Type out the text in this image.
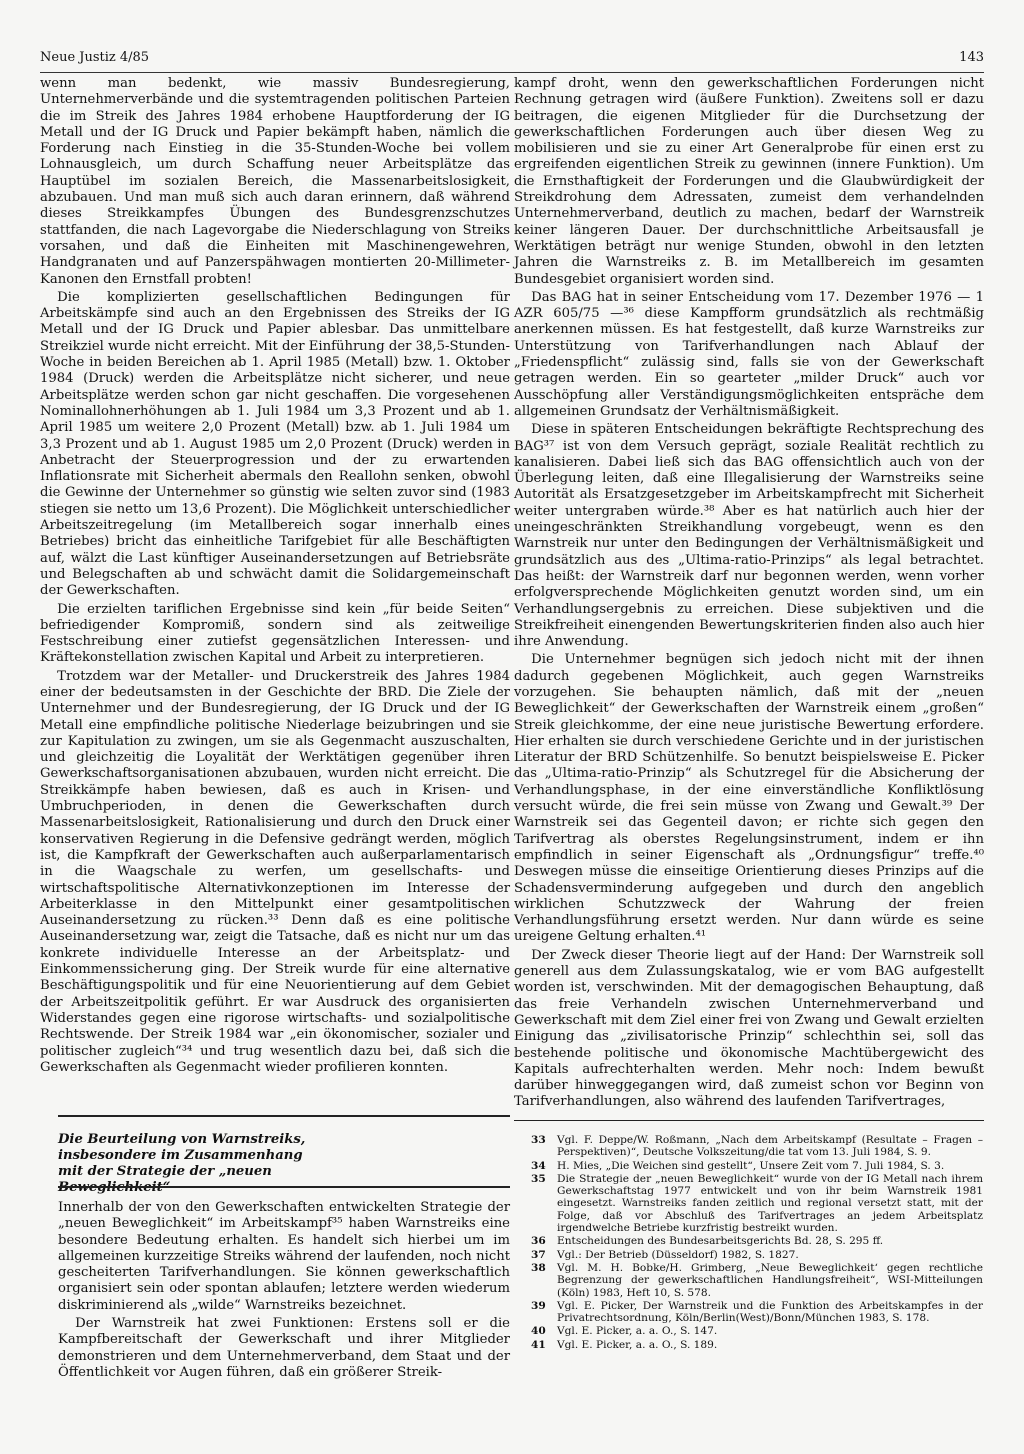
Neue Justiz 4/85	143

wenn man bedenkt, wie massiv Bundesregierung, Unternehmerverbände und die systemtragenden politischen Parteien die im Streik des Jahres 1984 erhobene Hauptforderung der IG Metall und der IG Druck und Papier bekämpft haben, nämlich die Forderung nach Einstieg in die 35-Stunden-Woche bei vollem Lohnausgleich, um durch Schaffung neuer Arbeitsplätze das Hauptübel im sozialen Bereich, die Massenarbeitslosigkeit, abzubauen. Und man muß sich auch daran erinnern, daß während dieses Streikkampfes Übungen des Bundesgrenzschutzes stattfanden, die nach Lagevorgabe die Niederschlagung von Streiks vorsahen, und daß die Einheiten mit Maschinengewehren, Handgranaten und auf Panzerspähwagen montierten 20-Millimeter-Kanonen den Ernstfall probten!

Die komplizierten gesellschaftlichen Bedingungen für Arbeitskämpfe sind auch an den Ergebnissen des Streiks der IG Metall und der IG Druck und Papier ablesbar. Das unmittelbare Streikziel wurde nicht erreicht. Mit der Einführung der 38,5-Stunden-Woche in beiden Bereichen ab 1. April 1985 (Metall) bzw. 1. Oktober 1984 (Druck) werden die Arbeitsplätze nicht sicherer, und neue Arbeitsplätze werden schon gar nicht geschaffen. Die vorgesehenen Nominallohnerhöhungen ab 1. Juli 1984 um 3,3 Prozent und ab 1. April 1985 um weitere 2,0 Prozent (Metall) bzw. ab 1. Juli 1984 um 3,3 Prozent und ab 1. August 1985 um 2,0 Prozent (Druck) werden in Anbetracht der Steuerprogression und der zu erwartenden Inflationsrate mit Sicherheit abermals den Reallohn senken, obwohl die Gewinne der Unternehmer so günstig wie selten zuvor sind (1983 stiegen sie netto um 13,6 Prozent). Die Möglichkeit unterschiedlicher Arbeitszeitregelung (im Metallbereich sogar innerhalb eines Betriebes) bricht das einheitliche Tarifgebiet für alle Beschäftigten auf, wälzt die Last künftiger Auseinandersetzungen auf Betriebsräte und Belegschaften ab und schwächt damit die Solidargemeinschaft der Gewerkschaften.

Die erzielten tariflichen Ergebnisse sind kein „für beide Seiten“ befriedigender Kompromiß, sondern sind als zeitweilige Festschreibung einer zutiefst gegensätzlichen Interessen- und Kräftekonstellation zwischen Kapital und Arbeit zu interpretieren.

Trotzdem war der Metaller- und Druckerstreik des Jahres 1984 einer der bedeutsamsten in der Geschichte der BRD. Die Ziele der Unternehmer und der Bundesregierung, der IG Druck und der IG Metall eine empfindliche politische Niederlage beizubringen und sie zur Kapitulation zu zwingen, um sie als Gegenmacht auszuschalten, und gleichzeitig die Loyalität der Werktätigen gegenüber ihren Gewerkschaftsorganisationen abzubauen, wurden nicht erreicht. Die Streikkämpfe haben bewiesen, daß es auch in Krisen- und Umbruchperioden, in denen die Gewerkschaften durch Massenarbeitslosigkeit, Rationalisierung und durch den Druck einer konservativen Regierung in die Defensive gedrängt werden, möglich ist, die Kampfkraft der Gewerkschaften auch außerparlamentarisch in die Waagschale zu werfen, um gesellschafts- und wirtschaftspolitische Alternativkonzeptionen im Interesse der Arbeiterklasse in den Mittelpunkt einer gesamtpolitischen Auseinandersetzung zu rücken.³³ Denn daß es eine politische Auseinandersetzung war, zeigt die Tatsache, daß es nicht nur um das konkrete individuelle Interesse an der Arbeitsplatz- und Einkommenssicherung ging. Der Streik wurde für eine alternative Beschäftigungspolitik und für eine Neuorientierung auf dem Gebiet der Arbeitszeitpolitik geführt. Er war Ausdruck des organisierten Widerstandes gegen eine rigorose wirtschafts- und sozialpolitische Rechtswende. Der Streik 1984 war „ein ökonomischer, sozialer und politischer zugleich“³⁴ und trug wesentlich dazu bei, daß sich die Gewerkschaften als Gegenmacht wieder profilieren konnten.

Die Beurteilung von Warnstreiks,
insbesondere im Zusammenhang
mit der Strategie der „neuen

Innerhalb der von den Gewerkschaften entwickelten Strategie der „neuen Beweglichkeit“ im Arbeitskampf³⁵ haben Warnstreiks eine besondere Bedeutung erhalten. Es handelt sich hierbei um im allgemeinen kurzzeitige Streiks während der laufenden, noch nicht gescheiterten Tarifverhandlungen. Sie können gewerkschaftlich organisiert sein oder spontan ablaufen; letztere werden wiederum diskriminierend als „wilde“ Warnstreiks bezeichnet.

Der Warnstreik hat zwei Funktionen: Erstens soll er die Kampfbereitschaft der Gewerkschaft und ihrer Mitglieder demonstrieren und dem Unternehmerverband, dem Staat und der Öffentlichkeit vor Augen führen, daß ein größerer Streik-

kampf droht, wenn den gewerkschaftlichen Forderungen nicht Rechnung getragen wird (äußere Funktion). Zweitens soll er dazu beitragen, die eigenen Mitglieder für die Durchsetzung der gewerkschaftlichen Forderungen auch über diesen Weg zu mobilisieren und sie zu einer Art Generalprobe für einen erst zu ergreifenden eigentlichen Streik zu gewinnen (innere Funktion). Um die Ernsthaftigkeit der Forderungen und die Glaubwürdigkeit der Streikdrohung dem Adressaten, zumeist dem verhandelnden Unternehmerverband, deutlich zu machen, bedarf der Warnstreik keiner längeren Dauer. Der durchschnittliche Arbeitsausfall je Werktätigen beträgt nur wenige Stunden, obwohl in den letzten Jahren die Warnstreiks z. B. im Metallbereich im gesamten Bundesgebiet organisiert worden sind.

Das BAG hat in seiner Entscheidung vom 17. Dezember 1976 — 1 AZR 605/75 —³⁶ diese Kampfform grundsätzlich als rechtmäßig anerkennen müssen. Es hat festgestellt, daß kurze Warnstreiks zur Unterstützung von Tarifverhandlungen nach Ablauf der „Friedenspflicht“ zulässig sind, falls sie von der Gewerkschaft getragen werden. Ein so gearteter „milder Druck“ auch vor Ausschöpfung aller Verständigungsmöglichkeiten entspräche dem allgemeinen Grundsatz der Verhältnismäßigkeit.

Diese in späteren Entscheidungen bekräftigte Rechtsprechung des BAG³⁷ ist von dem Versuch geprägt, soziale Realität rechtlich zu kanalisieren. Dabei ließ sich das BAG offensichtlich auch von der Überlegung leiten, daß eine Illegalisierung der Warnstreiks seine Autorität als Ersatzgesetzgeber im Arbeitskampfrecht mit Sicherheit weiter untergraben würde.³⁸ Aber es hat natürlich auch hier der uneingeschränkten Streikhandlung vorgebeugt, wenn es den Warnstreik nur unter den Bedingungen der Verhältnismäßigkeit und grundsätzlich aus des „Ultima-ratio-Prinzips“ als legal betrachtet. Das heißt: der Warnstreik darf nur begonnen werden, wenn vorher erfolgversprechende Möglichkeiten genutzt worden sind, um ein Verhandlungsergebnis zu erreichen. Diese subjektiven und die Streikfreiheit einengenden Bewertungskriterien finden also auch hier ihre Anwendung.

Die Unternehmer begnügen sich jedoch nicht mit der ihnen dadurch gegebenen Möglichkeit, auch gegen Warnstreiks vorzugehen. Sie behaupten nämlich, daß mit der „neuen Beweglichkeit“ der Gewerkschaften der Warnstreik einem „großen“ Streik gleichkomme, der eine neue juristische Bewertung erfordere. Hier erhalten sie durch verschiedene Gerichte und in der juristischen Literatur der BRD Schützenhilfe. So benutzt beispielsweise E. Picker das „Ultima-ratio-Prinzip“ als Schutzregel für die Absicherung der Verhandlungsphase, in der eine einverständliche Konfliktlösung versucht würde, die frei sein müsse von Zwang und Gewalt.³⁹ Der Warnstreik sei das Gegenteil davon; er richte sich gegen den Tarifvertrag als oberstes Regelungsinstrument, indem er ihn empfindlich in seiner Eigenschaft als „Ordnungsfigur“ treffe.⁴⁰ Deswegen müsse die einseitige Orientierung dieses Prinzips auf die Schadensverminderung aufgegeben und durch den angeblich wirklichen Schutzzweck der Wahrung der freien Verhandlungsführung ersetzt werden. Nur dann würde es seine ureigene Geltung erhalten.⁴¹

Der Zweck dieser Theorie liegt auf der Hand: Der Warnstreik soll generell aus dem Zulassungskatalog, wie er vom BAG aufgestellt worden ist, verschwinden. Mit der demagogischen Behauptung, daß das freie Verhandeln zwischen Unternehmerverband und Gewerkschaft mit dem Ziel einer frei von Zwang und Gewalt erzielten Einigung das „zivilisatorische Prinzip“ schlechthin sei, soll das bestehende politische und ökonomische Machtübergewicht des Kapitals aufrechterhalten werden. Mehr noch: Indem bewußt darüber hinweggegangen wird, daß zumeist schon vor Beginn von Tarifverhandlungen, also während des laufenden Tarifvertrages,

33 Vgl. F. Deppe/W. Roßmann, „Nach dem Arbeitskampf (Resultate – Fragen – Perspektiven)“, Deutsche Volkszeitung/die tat vom 13. Juli 1984, S. 9.
34 H. Mies, „Die Weichen sind gestellt“, Unsere Zeit vom 7. Juli 1984, S. 3.
35 Die Strategie der „neuen Beweglichkeit“ wurde von der IG Metall nach ihrem Gewerkschaftstag 1977 entwickelt und von ihr beim Warnstreik 1981 eingesetzt. Warnstreiks fanden zeitlich und regional versetzt statt, mit der Folge, daß vor Abschluß des Tarifvertrages an jedem Arbeitsplatz irgendwelche Betriebe kurzfristig bestreikt wurden.
36 Entscheidungen des Bundesarbeitsgerichts Bd. 28, S. 295 ff.
37 Vgl.: Der Betrieb (Düsseldorf) 1982, S. 1827.
38 Vgl. M. H. Bobke/H. Grimberg, „Neue Beweglichkeit‘ gegen rechtliche Begrenzung der gewerkschaftlichen Handlungsfreiheit“, WSI-Mitteilungen (Köln) 1983, Heft 10, S. 578.
39 Vgl. E. Picker, Der Warnstreik und die Funktion des Arbeitskampfes in der Privatrechtsordnung, Köln/Berlin(West)/Bonn/München 1983, S. 178.
40 Vgl. E. Picker, a. a. O., S. 147.
41 Vgl. E. Picker, a. a. O., S. 189.
